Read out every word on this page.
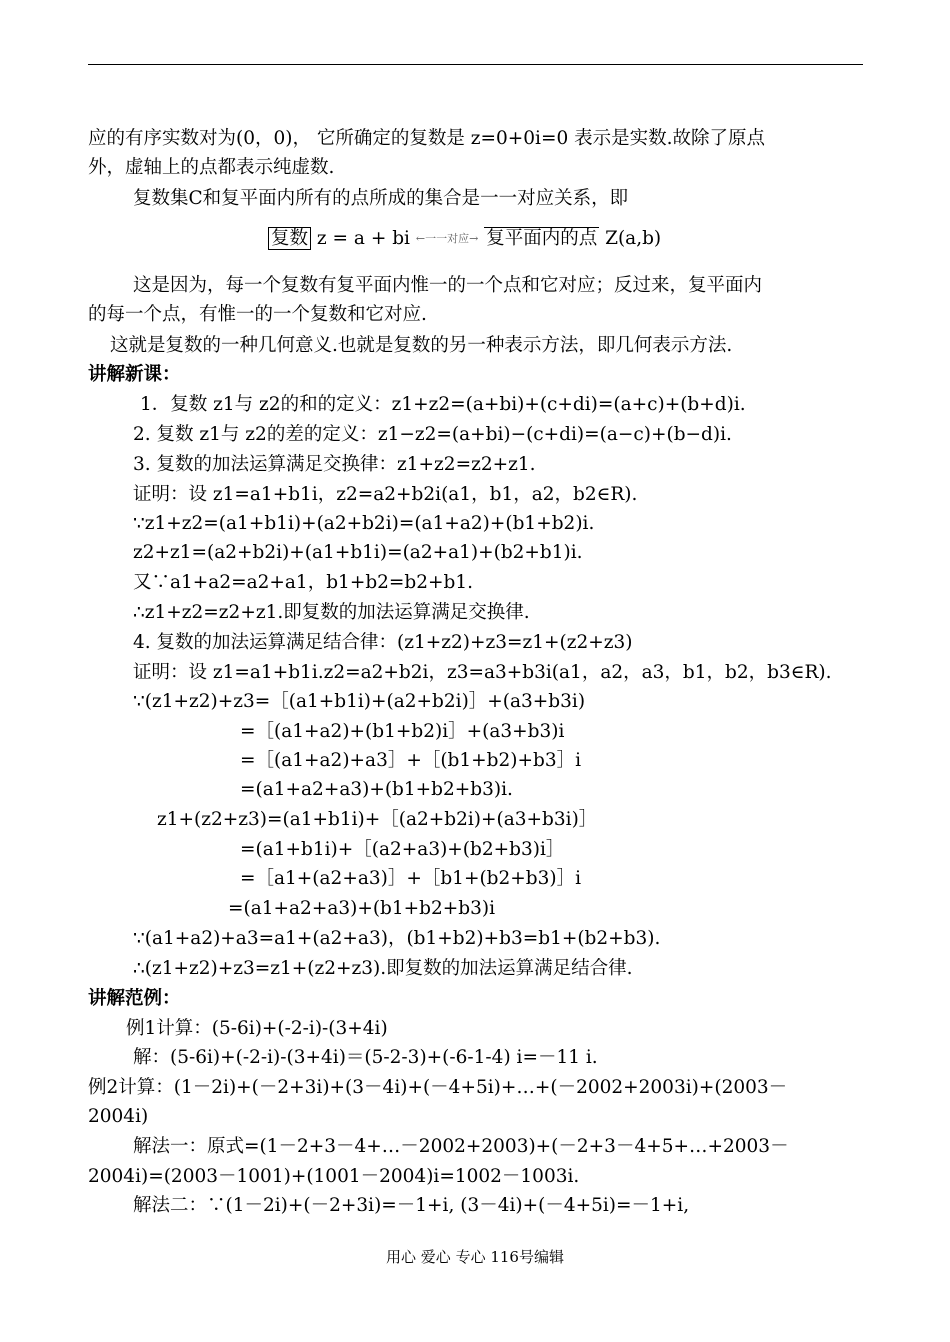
应的有序实数对为(0，0)， 它所确定的复数是 z=0+0i=0 表示是实数.故除了原点
外，虚轴上的点都表示纯虚数.
复数集C和复平面内所有的点所成的集合是一一对应关系，即
复数 z = a + bi ←一一对应→ 复平面内的点 Z(a,b)
这是因为，每一个复数有复平面内惟一的一个点和它对应；反过来，复平面内
的每一个点，有惟一的一个复数和它对应.
这就是复数的一种几何意义.也就是复数的另一种表示方法，即几何表示方法.
讲解新课：
1．复数 z1与 z2的和的定义：z1+z2=(a+bi)+(c+di)=(a+c)+(b+d)i.
2. 复数 z1与 z2的差的定义：z1−z2=(a+bi)−(c+di)=(a−c)+(b−d)i.
3. 复数的加法运算满足交换律：z1+z2=z2+z1.
证明：设 z1=a1+b1i，z2=a2+b2i(a1，b1，a2，b2∈R).
∵z1+z2=(a1+b1i)+(a2+b2i)=(a1+a2)+(b1+b2)i.
z2+z1=(a2+b2i)+(a1+b1i)=(a2+a1)+(b2+b1)i.
又∵a1+a2=a2+a1，b1+b2=b2+b1.
∴z1+z2=z2+z1.即复数的加法运算满足交换律.
4. 复数的加法运算满足结合律：(z1+z2)+z3=z1+(z2+z3)
证明：设 z1=a1+b1i.z2=a2+b2i，z3=a3+b3i(a1，a2，a3，b1，b2，b3∈R).
∵(z1+z2)+z3=［(a1+b1i)+(a2+b2i)］+(a3+b3i)
=［(a1+a2)+(b1+b2)i］+(a3+b3)i
=［(a1+a2)+a3］+［(b1+b2)+b3］i
=(a1+a2+a3)+(b1+b2+b3)i.
z1+(z2+z3)=(a1+b1i)+［(a2+b2i)+(a3+b3i)］
=(a1+b1i)+［(a2+a3)+(b2+b3)i］
=［a1+(a2+a3)］+［b1+(b2+b3)］i
=(a1+a2+a3)+(b1+b2+b3)i
∵(a1+a2)+a3=a1+(a2+a3)，(b1+b2)+b3=b1+(b2+b3).
∴(z1+z2)+z3=z1+(z2+z3).即复数的加法运算满足结合律.
讲解范例：
例1计算：(5-6i)+(-2-i)-(3+4i)
解：(5-6i)+(-2-i)-(3+4i)＝(5-2-3)+(-6-1-4) i=－11 i.
例2计算：(1－2i)+(－2+3i)+(3－4i)+(－4+5i)+…+(－2002+2003i)+(2003－
2004i)
解法一：原式=(1－2+3－4+…－2002+2003)+(－2+3－4+5+…+2003－
2004i)=(2003－1001)+(1001－2004)i=1002－1003i.
解法二：∵(1－2i)+(－2+3i)=－1+i, (3－4i)+(－4+5i)=－1+i,
用心 爱心 专心 116号编辑
